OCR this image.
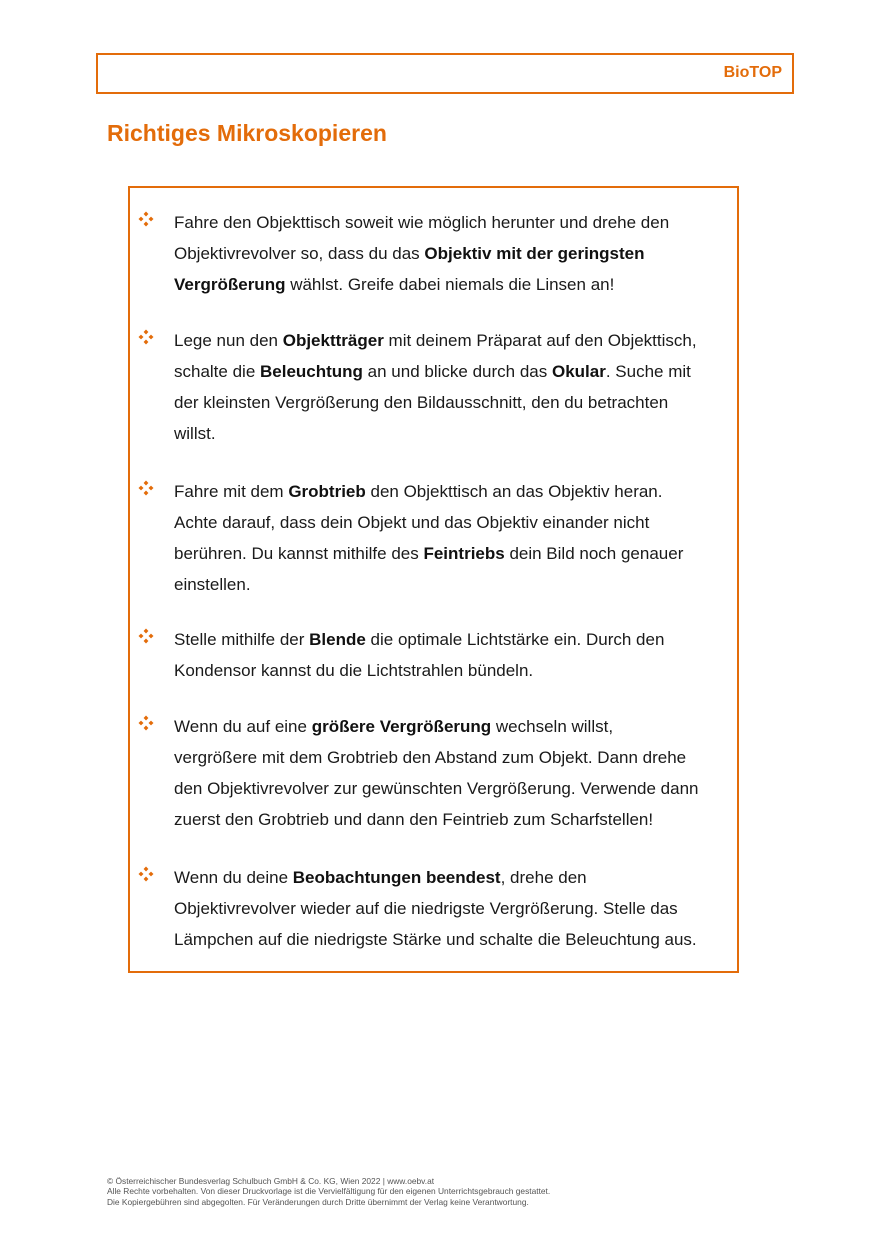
BioTOP
Richtiges Mikroskopieren

Fahre den Objekttisch soweit wie möglich herunter und drehe den
Objektivrevolver so, dass du das Objektiv mit der geringsten
Vergrößerung wählst. Greife dabei niemals die Linsen an!

Lege nun den Objektträger mit deinem Präparat auf den Objekttisch,
schalte die Beleuchtung an und blicke durch das Okular. Suche mit
der kleinsten Vergrößerung den Bildausschnitt, den du betrachten
willst.

Fahre mit dem Grobtrieb den Objekttisch an das Objektiv heran.
Achte darauf, dass dein Objekt und das Objektiv einander nicht
berühren. Du kannst mithilfe des Feintriebs dein Bild noch genauer
einstellen.

Stelle mithilfe der Blende die optimale Lichtstärke ein. Durch den
Kondensor kannst du die Lichtstrahlen bündeln.

Wenn du auf eine größere Vergrößerung wechseln willst,
vergrößere mit dem Grobtrieb den Abstand zum Objekt. Dann drehe
den Objektivrevolver zur gewünschten Vergrößerung. Verwende dann
zuerst den Grobtrieb und dann den Feintrieb zum Scharfstellen!

Wenn du deine Beobachtungen beendest, drehe den
Objektivrevolver wieder auf die niedrigste Vergrößerung. Stelle das
Lämpchen auf die niedrigste Stärke und schalte die Beleuchtung aus.

© Österreichischer Bundesverlag Schulbuch GmbH & Co. KG, Wien 2022 | www.oebv.at
Alle Rechte vorbehalten. Von dieser Druckvorlage ist die Vervielfältigung für den eigenen Unterrichtsgebrauch gestattet.
Die Kopiergebühren sind abgegolten. Für Veränderungen durch Dritte übernimmt der Verlag keine Verantwortung.
